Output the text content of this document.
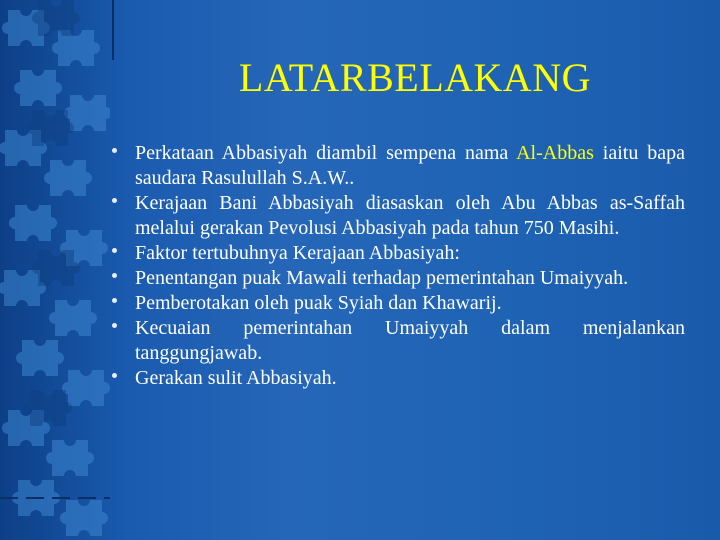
LATARBELAKANG
Perkataan Abbasiyah diambil sempena nama Al-Abbas iaitu bapa saudara Rasulullah S.A.W..
Kerajaan Bani Abbasiyah diasaskan oleh Abu Abbas as-Saffah melalui gerakan Pevolusi Abbasiyah pada tahun 750 Masihi.
Faktor tertubuhnya Kerajaan Abbasiyah:
Penentangan puak Mawali terhadap pemerintahan Umaiyyah.
Pemberotakan oleh puak Syiah dan Khawarij.
Kecuaian pemerintahan Umaiyyah dalam menjalankan tanggungjawab.
Gerakan sulit Abbasiyah.
